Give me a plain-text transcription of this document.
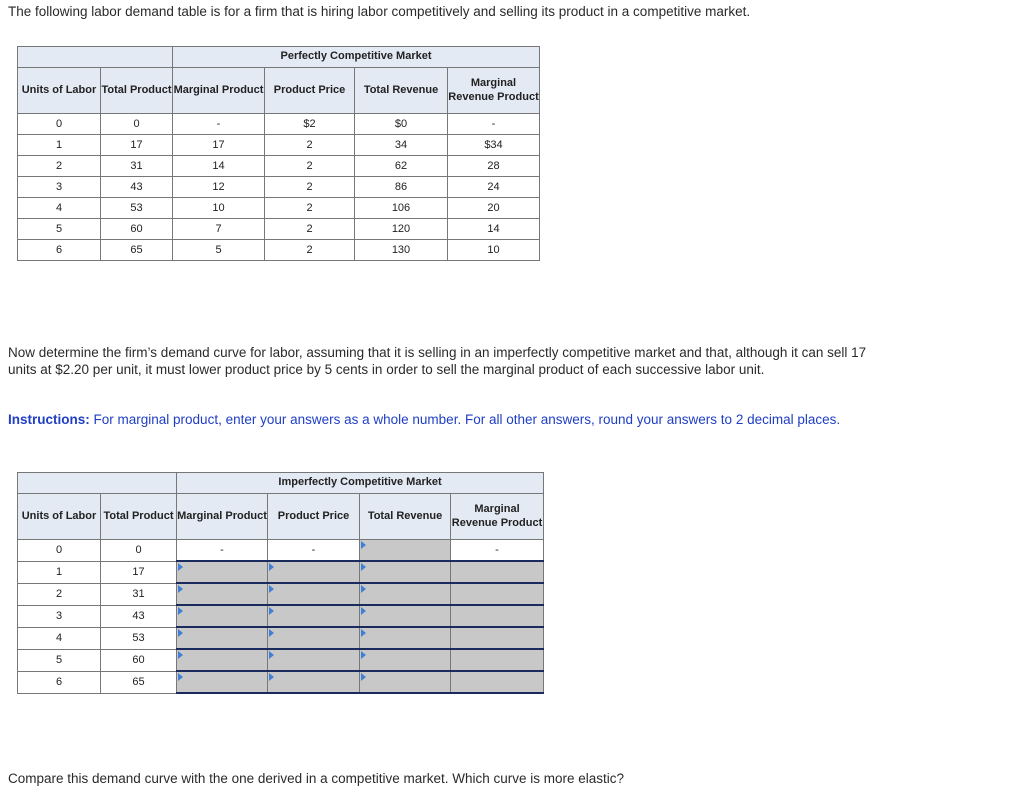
The following labor demand table is for a firm that is hiring labor competitively and selling its product in a competitive market.
		Perfectly Competitive Market			
Units of Labor	Total Product	Marginal Product	Product Price	Total Revenue	Marginal Revenue Product
0	0	-	$2	$0	-
1	17	17	2	34	$34
2	31	14	2	62	28
3	43	12	2	86	24
4	53	10	2	106	20
5	60	7	2	120	14
6	65	5	2	130	10
Now determine the firm’s demand curve for labor, assuming that it is selling in an imperfectly competitive market and that, although it can sell 17 units at $2.20 per unit, it must lower product price by 5 cents in order to sell the marginal product of each successive labor unit.
Instructions: For marginal product, enter your answers as a whole number. For all other answers, round your answers to 2 decimal places.
		Imperfectly Competitive Market			
Units of Labor	Total Product	Marginal Product	Product Price	Total Revenue	Marginal Revenue Product
0	0	-	-		-
1	17	

2	31	

3	43	

4	53	

5	60	

6	65	

Compare this demand curve with the one derived in a competitive market. Which curve is more elastic?
